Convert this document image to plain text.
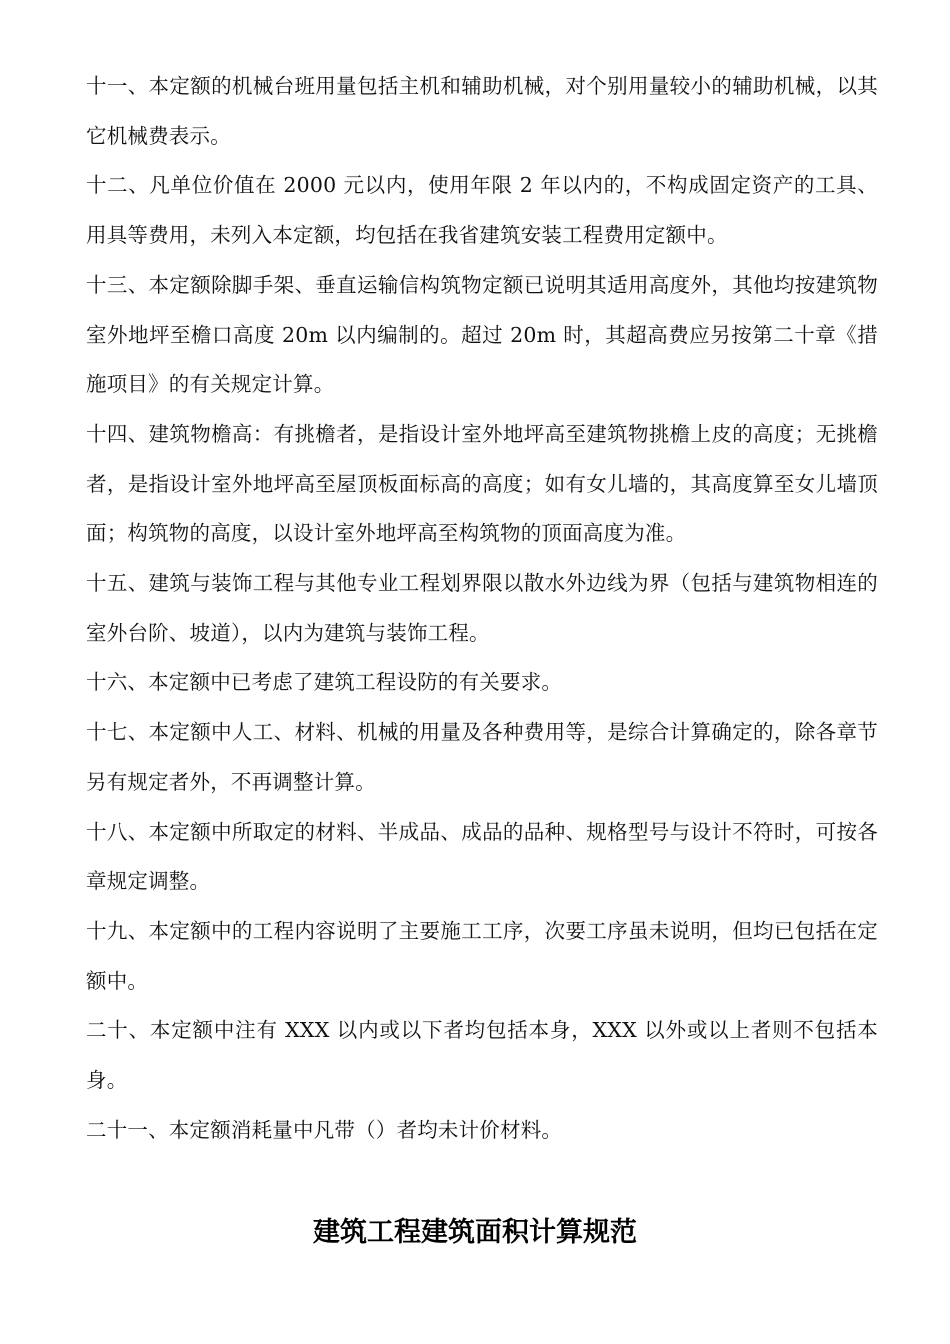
十一、本定额的机械台班用量包括主机和辅助机械，对个别用量较小的辅助机械，以其它机械费表示。

十二、凡单位价值在 2000 元以内，使用年限 2 年以内的，不构成固定资产的工具、用具等费用，未列入本定额，均包括在我省建筑安装工程费用定额中。

十三、本定额除脚手架、垂直运输信构筑物定额已说明其适用高度外，其他均按建筑物室外地坪至檐口高度 20m 以内编制的。超过 20m 时，其超高费应另按第二十章《措施项目》的有关规定计算。

十四、建筑物檐高：有挑檐者，是指设计室外地坪高至建筑物挑檐上皮的高度；无挑檐者，是指设计室外地坪高至屋顶板面标高的高度；如有女儿墙的，其高度算至女儿墙顶面；构筑物的高度，以设计室外地坪高至构筑物的顶面高度为准。

十五、建筑与装饰工程与其他专业工程划界限以散水外边线为界（包括与建筑物相连的室外台阶、坡道），以内为建筑与装饰工程。

十六、本定额中已考虑了建筑工程设防的有关要求。

十七、本定额中人工、材料、机械的用量及各种费用等，是综合计算确定的，除各章节另有规定者外，不再调整计算。

十八、本定额中所取定的材料、半成品、成品的品种、规格型号与设计不符时，可按各章规定调整。

十九、本定额中的工程内容说明了主要施工工序，次要工序虽未说明，但均已包括在定额中。

二十、本定额中注有 XXX 以内或以下者均包括本身，XXX 以外或以上者则不包括本身。

二十一、本定额消耗量中凡带（）者均未计价材料。

建筑工程建筑面积计算规范
